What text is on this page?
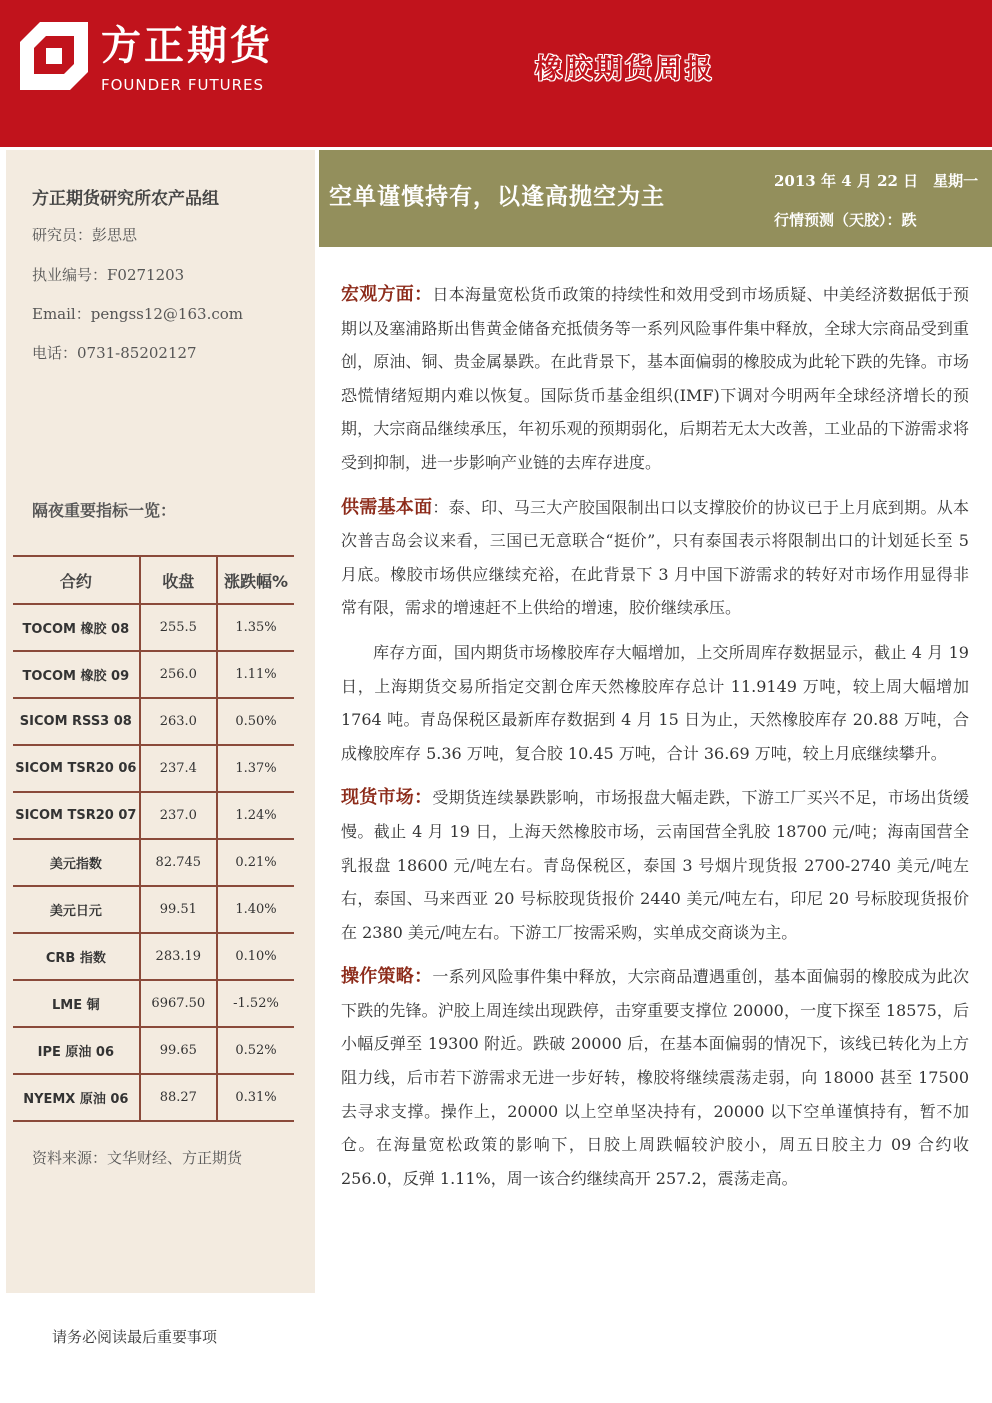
方正期货
FOUNDER FUTURES	橡胶期货周报
方正期货研究所农产品组
研究员：彭思思
执业编号：F0271203
Email：pengss12@163.com
电话：0731-85202127
隔夜重要指标一览：
合约	收盘	涨跌幅%
TOCOM 橡胶 08	255.5	1.35%
TOCOM 橡胶 09	256.0	1.11%
SICOM RSS3 08	263.0	0.50%
SICOM TSR20 06	237.4	1.37%
SICOM TSR20 07	237.0	1.24%
美元指数	82.745	0.21%
美元日元	99.51	1.40%
CRB 指数	283.19	0.10%
LME 铜	6967.50	-1.52%
IPE 原油 06	99.65	0.52%
NYEMX 原油 06	88.27	0.31%
资料来源：文华财经、方正期货
请务必阅读最后重要事项
空单谨慎持有，以逢高抛空为主
2013 年 4 月 22 日　星期一
行情预测（天胶）：跌

宏观方面：日本海量宽松货币政策的持续性和效用受到市场质疑、中美经济数据低于预期以及塞浦路斯出售黄金储备充抵债务等一系列风险事件集中释放，全球大宗商品受到重创，原油、铜、贵金属暴跌。在此背景下，基本面偏弱的橡胶成为此轮下跌的先锋。市场恐慌情绪短期内难以恢复。国际货币基金组织(IMF)下调对今明两年全球经济增长的预期，大宗商品继续承压，年初乐观的预期弱化，后期若无太大改善，工业品的下游需求将受到抑制，进一步影响产业链的去库存进度。

供需基本面：泰、印、马三大产胶国限制出口以支撑胶价的协议已于上月底到期。从本次普吉岛会议来看，三国已无意联合“挺价”，只有泰国表示将限制出口的计划延长至 5 月底。橡胶市场供应继续充裕，在此背景下 3 月中国下游需求的转好对市场作用显得非常有限，需求的增速赶不上供给的增速，胶价继续承压。

库存方面，国内期货市场橡胶库存大幅增加，上交所周库存数据显示，截止 4 月 19 日，上海期货交易所指定交割仓库天然橡胶库存总计 11.9149 万吨，较上周大幅增加 1764 吨。青岛保税区最新库存数据到 4 月 15 日为止，天然橡胶库存 20.88 万吨，合成橡胶库存 5.36 万吨，复合胶 10.45 万吨，合计 36.69 万吨，较上月底继续攀升。

现货市场：受期货连续暴跌影响，市场报盘大幅走跌，下游工厂买兴不足，市场出货缓慢。截止 4 月 19 日，上海天然橡胶市场，云南国营全乳胶 18700 元/吨；海南国营全乳报盘 18600 元/吨左右。青岛保税区，泰国 3 号烟片现货报 2700-2740 美元/吨左右，泰国、马来西亚 20 号标胶现货报价 2440 美元/吨左右，印尼 20 号标胶现货报价在 2380 美元/吨左右。下游工厂按需采购，实单成交商谈为主。

操作策略：一系列风险事件集中释放，大宗商品遭遇重创，基本面偏弱的橡胶成为此次下跌的先锋。沪胶上周连续出现跌停，击穿重要支撑位 20000，一度下探至 18575，后小幅反弹至 19300 附近。跌破 20000 后，在基本面偏弱的情况下，该线已转化为上方阻力线，后市若下游需求无进一步好转，橡胶将继续震荡走弱，向 18000 甚至 17500 去寻求支撑。操作上，20000 以上空单坚决持有，20000 以下空单谨慎持有，暂不加仓。在海量宽松政策的影响下，日胶上周跌幅较沪胶小，周五日胶主力 09 合约收 256.0，反弹 1.11%，周一该合约继续高开 257.2，震荡走高。
